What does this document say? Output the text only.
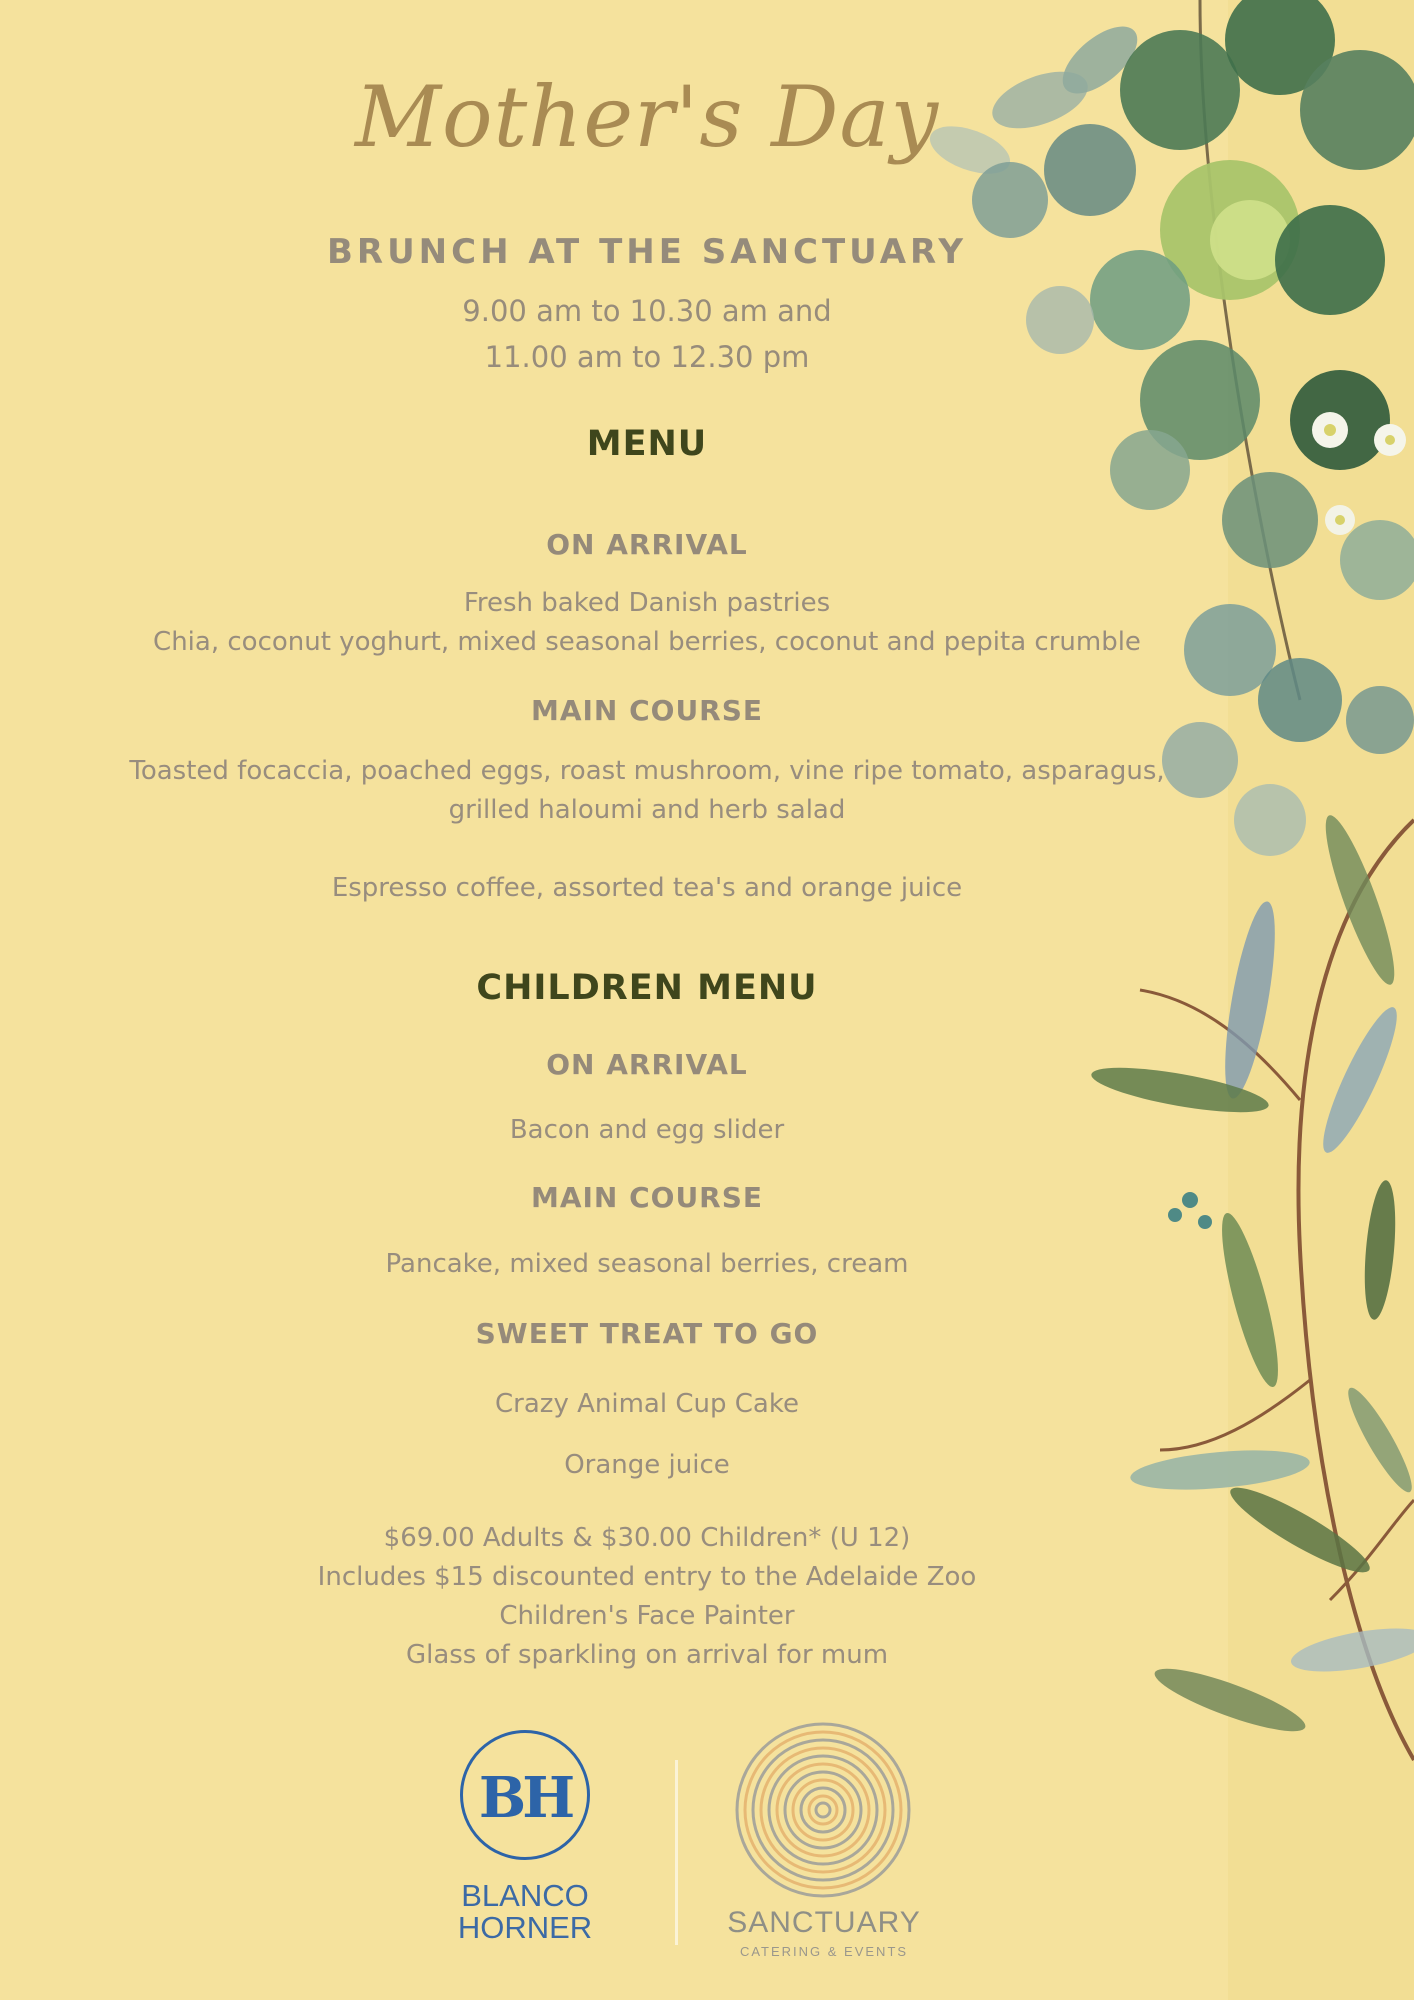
Mother's Day
BRUNCH AT THE SANCTUARY
9.00 am to 10.30 am and
11.00 am to 12.30 pm
MENU
ON ARRIVAL
Fresh baked Danish pastries
Chia, coconut yoghurt, mixed seasonal berries, coconut and pepita crumble
MAIN COURSE
Toasted focaccia, poached eggs, roast mushroom, vine ripe tomato, asparagus,
grilled haloumi and herb salad
Espresso coffee, assorted tea's and orange juice
CHILDREN MENU
ON ARRIVAL
Bacon and egg slider
MAIN COURSE
Pancake, mixed seasonal berries, cream
SWEET TREAT TO GO
Crazy Animal Cup Cake
Orange juice
$69.00 Adults & $30.00 Children* (U 12)
Includes $15 discounted entry to the Adelaide Zoo
Children's Face Painter
Glass of sparkling on arrival for mum
BH
BLANCO
HORNER	SANCTUARY
CATERING & EVENTS
